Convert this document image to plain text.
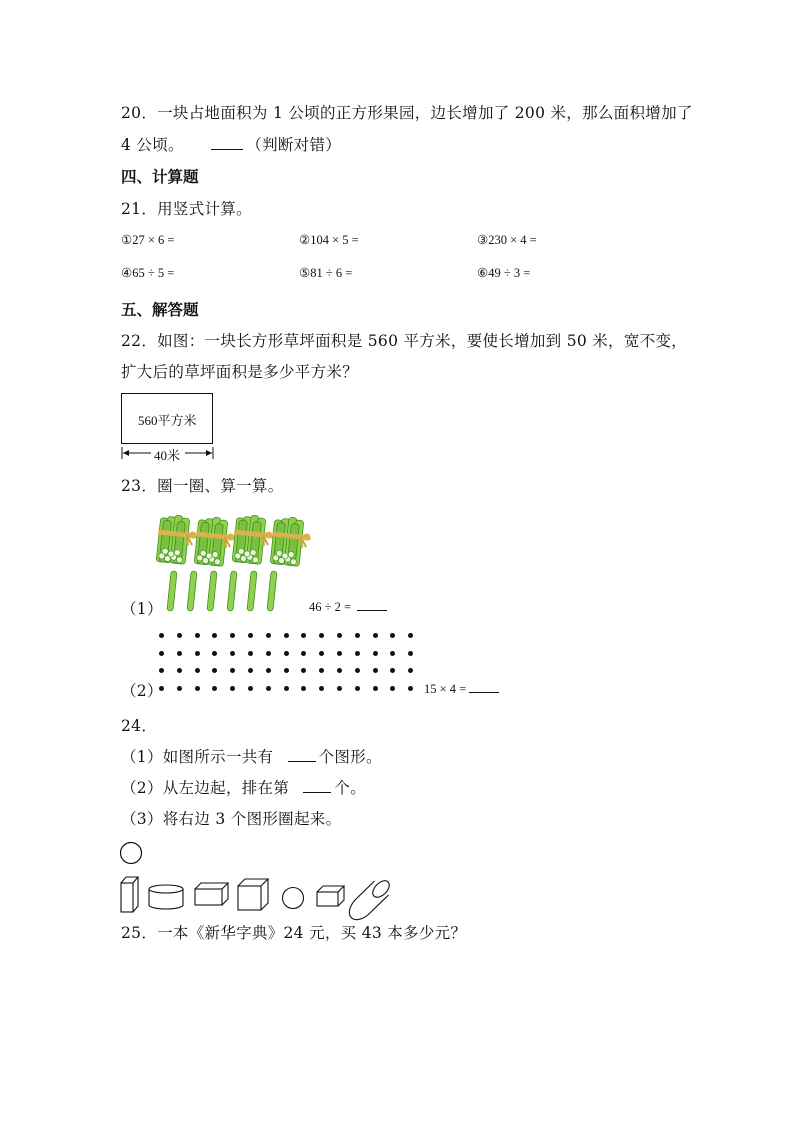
20．一块占地面积为 1 公顷的正方形果园，边长增加了 200 米，那么面积增加了
4 公顷。	（判断对错）
四、计算题
21．用竖式计算。
①27 × 6 =	②104 × 5 =	③230 × 4 =
④65 ÷ 5 =	⑤81 ÷ 6 =	⑥49 ÷ 3 =
五、解答题
22．如图：一块长方形草坪面积是 560 平方米，要使长增加到 50 米，宽不变，
扩大后的草坪面积是多少平方米？
560平方米
40米
23．圈一圈、算一算。
（1）	46 ÷ 2 =
（2）	15 × 4 =
24．
（1）如图所示一共有	个图形。
（2）从左边起，排在第	个。
（3）将右边 3 个图形圈起来。
25．一本《新华字典》24 元，买 43 本多少元？
